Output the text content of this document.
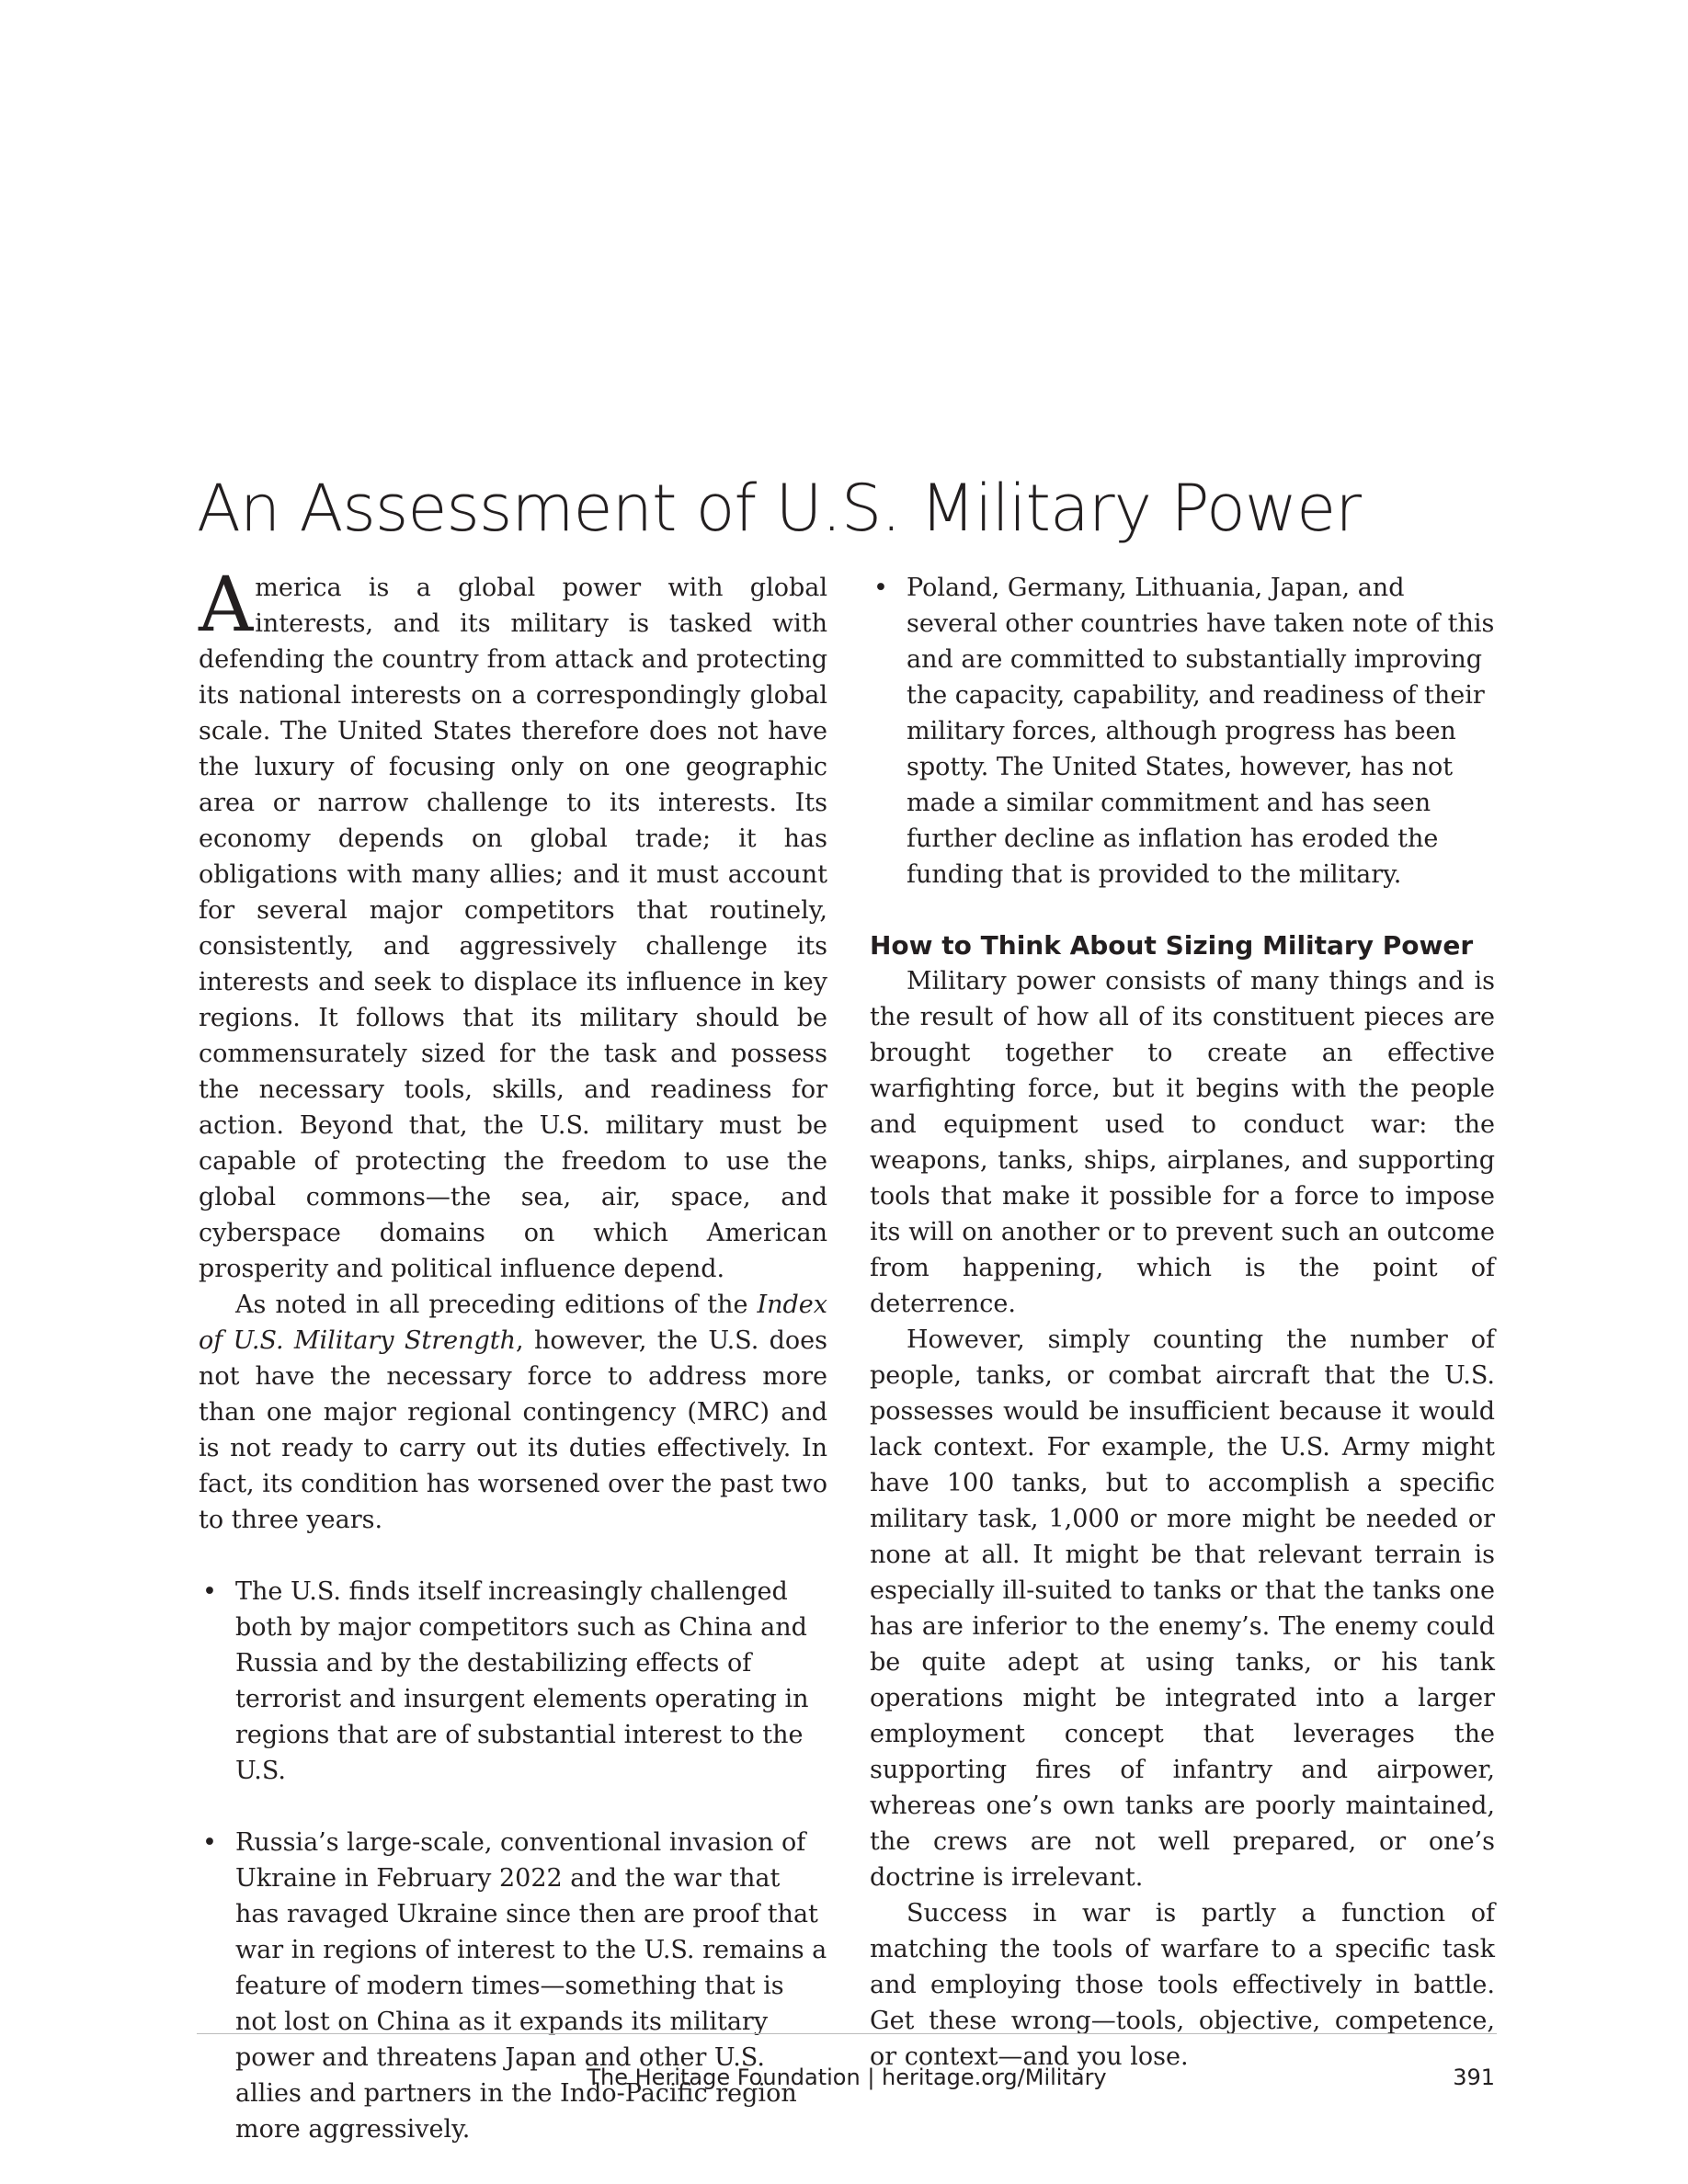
An Assessment of U.S. Military Power

America is a global power with global interests, and its military is tasked with defending the country from attack and protecting its national interests on a correspondingly global scale. The United States therefore does not have the luxury of focusing only on one geographic area or narrow challenge to its interests. Its economy depends on global trade; it has obligations with many allies; and it must account for several major competitors that routinely, consistently, and aggressively challenge its interests and seek to displace its influence in key regions. It follows that its military should be commensurately sized for the task and possess the necessary tools, skills, and readiness for action. Beyond that, the U.S. military must be capable of protecting the freedom to use the global commons—the sea, air, space, and cyberspace domains on which American prosperity and political influence depend.

As noted in all preceding editions of the Index of U.S. Military Strength, however, the U.S. does not have the necessary force to address more than one major regional contingency (MRC) and is not ready to carry out its duties effectively. In fact, its condition has worsened over the past two to three years.

• The U.S. finds itself increasingly challenged both by major competitors such as China and Russia and by the destabilizing effects of terrorist and insurgent elements operating in regions that are of substantial interest to the U.S.
• Russia’s large-scale, conventional invasion of Ukraine in February 2022 and the war that has ravaged Ukraine since then are proof that war in regions of interest to the U.S. remains a feature of modern times—something that is not lost on China as it expands its military power and threatens Japan and other U.S. allies and partners in the Indo-Pacific region more aggressively.
• Poland, Germany, Lithuania, Japan, and several other countries have taken note of this and are committed to substantially improving the capacity, capability, and readiness of their military forces, although progress has been spotty. The United States, however, has not made a similar commitment and has seen further decline as inflation has eroded the funding that is provided to the military.
How to Think About Sizing Military Power

Military power consists of many things and is the result of how all of its constituent pieces are brought together to create an effective warfighting force, but it begins with the people and equipment used to conduct war: the weapons, tanks, ships, airplanes, and supporting tools that make it possible for a force to impose its will on another or to prevent such an outcome from happening, which is the point of deterrence.

However, simply counting the number of people, tanks, or combat aircraft that the U.S. possesses would be insufficient because it would lack context. For example, the U.S. Army might have 100 tanks, but to accomplish a specific military task, 1,000 or more might be needed or none at all. It might be that relevant terrain is especially ill-suited to tanks or that the tanks one has are inferior to the enemy’s. The enemy could be quite adept at using tanks, or his tank operations might be integrated into a larger employment concept that leverages the supporting fires of infantry and airpower, whereas one’s own tanks are poorly maintained, the crews are not well prepared, or one’s doctrine is irrelevant.

Success in war is partly a function of matching the tools of warfare to a specific task and employing those tools effectively in battle. Get these wrong—tools, objective, competence, or context—and you lose.

The Heritage Foundation | heritage.org/Military	391
